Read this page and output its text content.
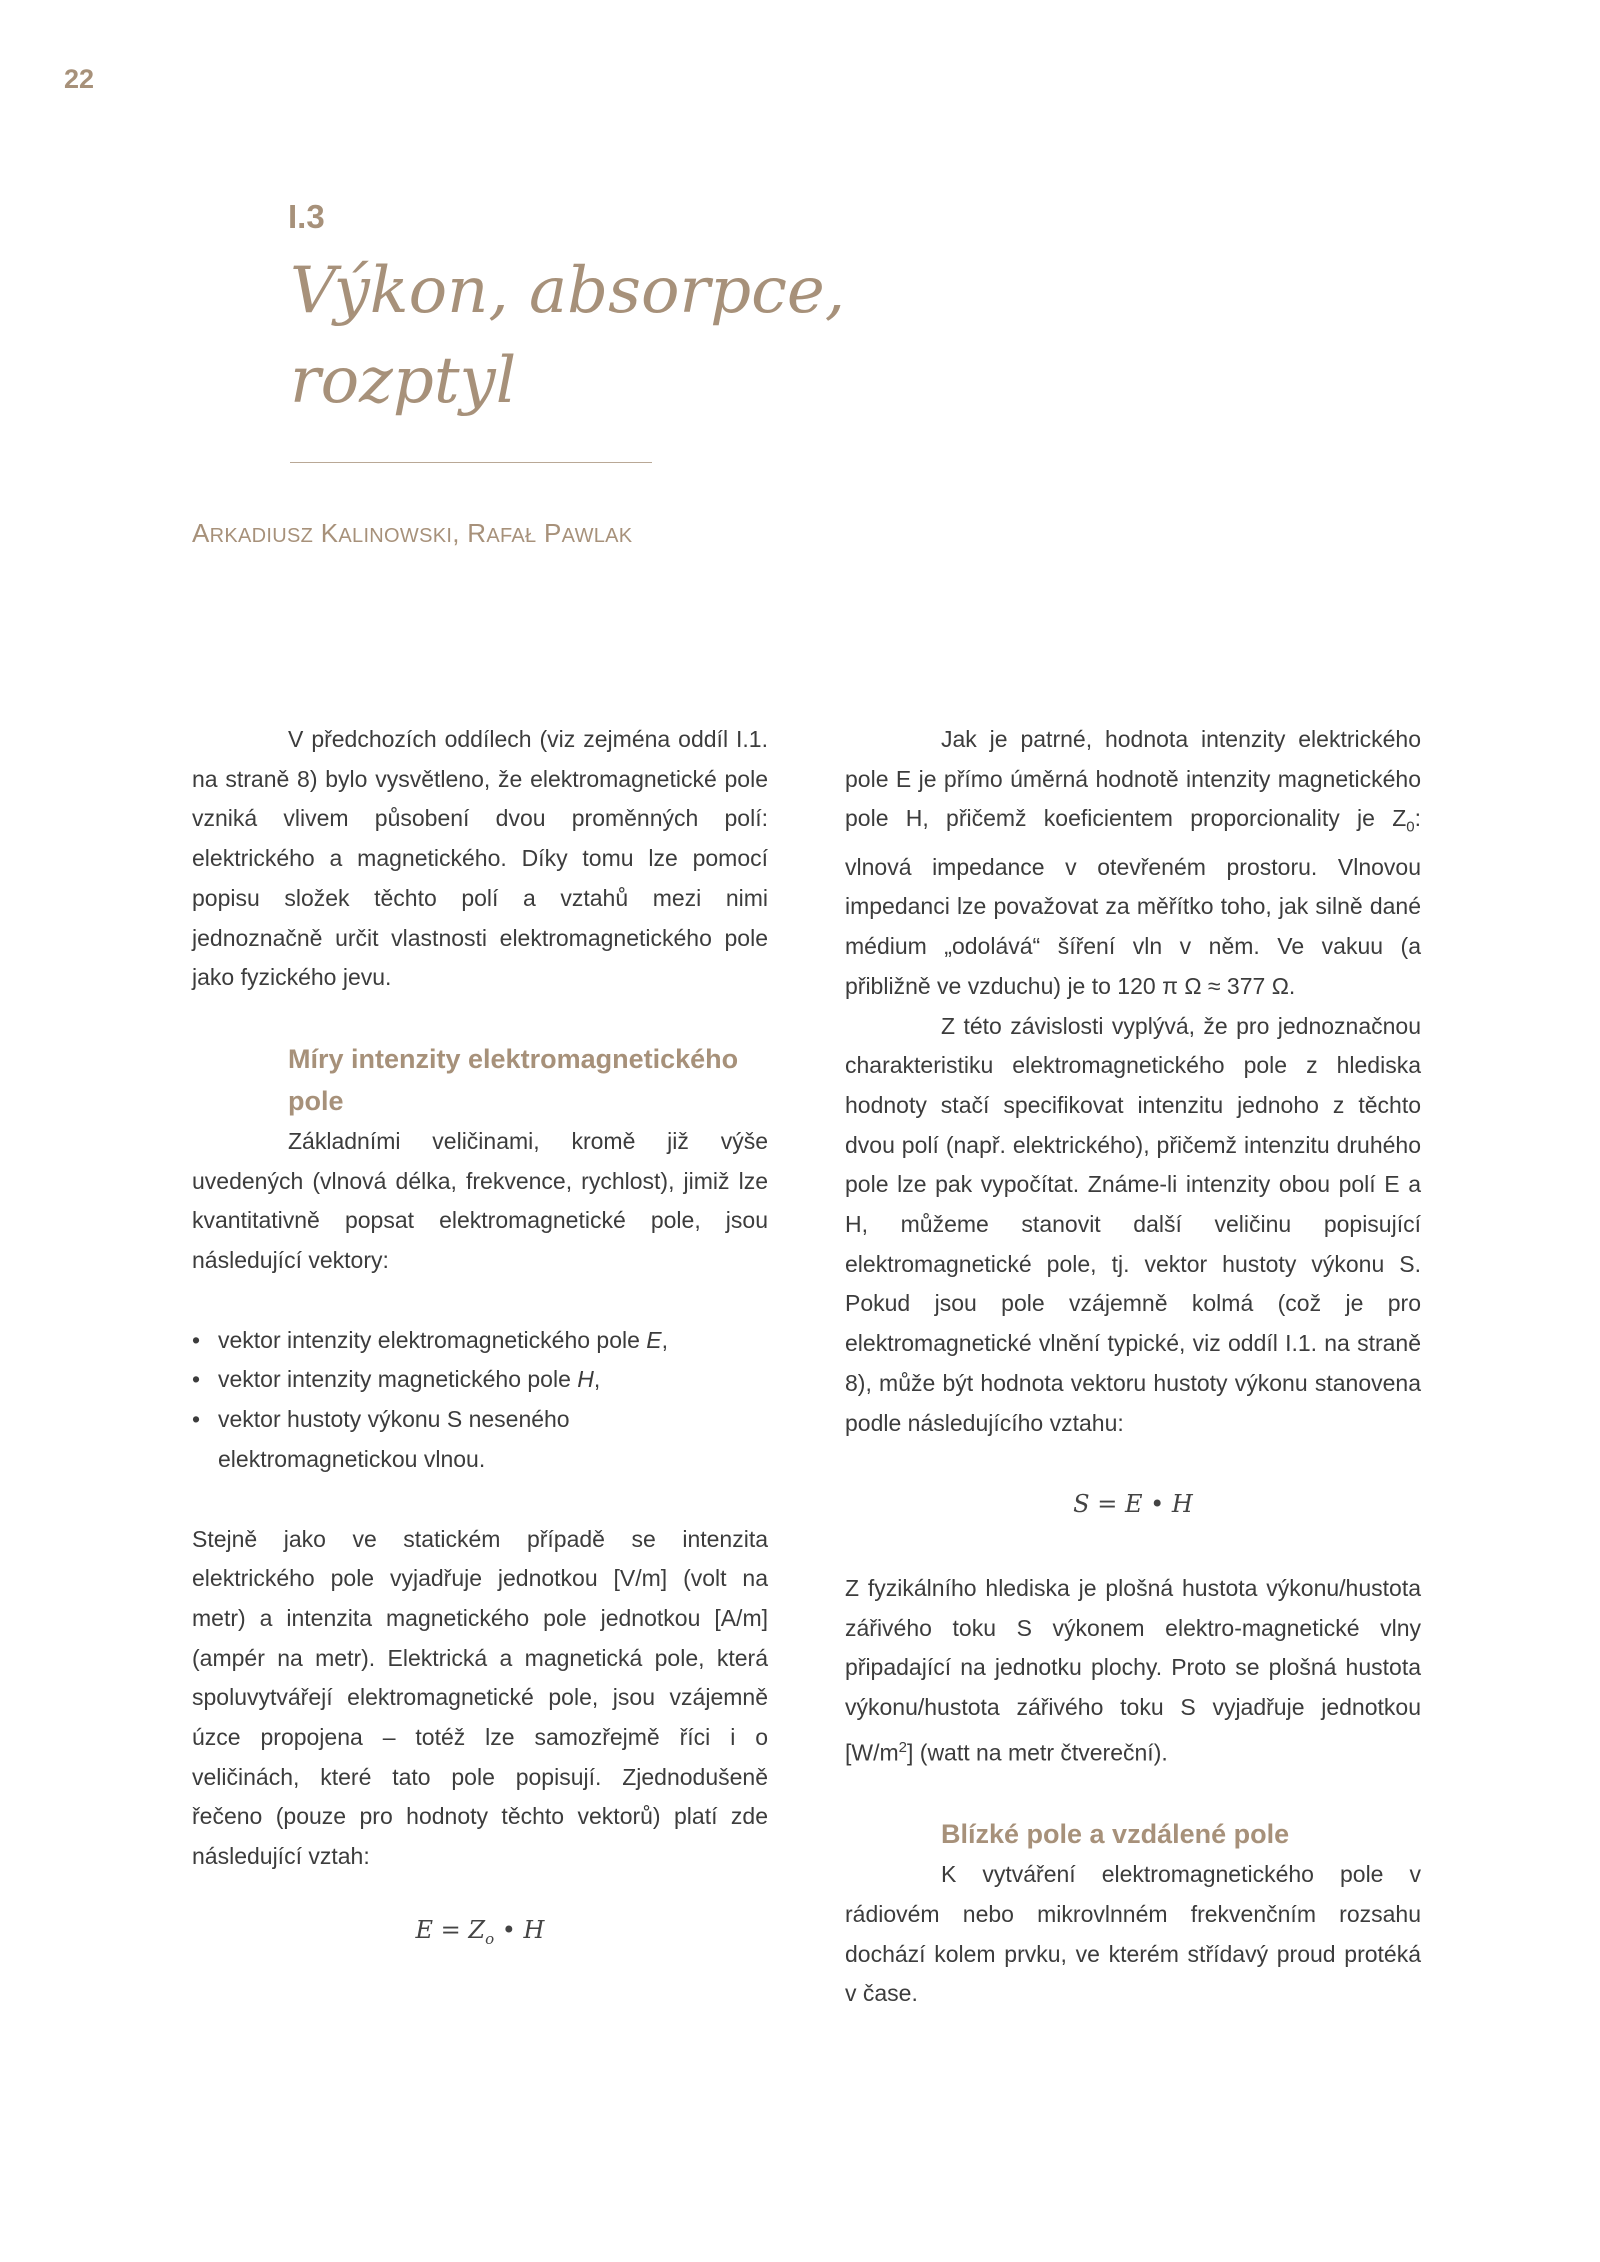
22
I.3
Výkon, absorpce,
rozptyl
ARKADIUSZ KALINOWSKI, RAFAŁ PAWLAK

V předchozích oddílech (viz zejména oddíl I.1. na straně 8) bylo vysvětleno, že elektromagnetické pole vzniká vlivem působení dvou proměnných polí: elektrického a magnetického. Díky tomu lze pomocí popisu složek těchto polí a vztahů mezi nimi jednoznačně určit vlastnosti elektromagnetického pole jako fyzického jevu.

Míry intenzity elektromagnetického pole

Základními veličinami, kromě již výše uvedených (vlnová délka, frekvence, rychlost), jimiž lze kvantitativně popsat elektromagnetické pole, jsou následující vektory:

• vektor intenzity elektromagnetického pole E,
• vektor intenzity magnetického pole H,
• vektor hustoty výkonu S neseného elektromagnetickou vlnou.

Stejně jako ve statickém případě se intenzita elektrického pole vyjadřuje jednotkou [V/m] (volt na metr) a intenzita magnetického pole jednotkou [A/m] (ampér na metr). Elektrická a magnetická pole, která spoluvytvářejí elektromagnetické pole, jsou vzájemně úzce propojena – totéž lze samozřejmě říci i o veličinách, které tato pole popisují. Zjednodušeně řečeno (pouze pro hodnoty těchto vektorů) platí zde následující vztah:

$E = Z_o$ • H

Jak je patrné, hodnota intenzity elektrického pole E je přímo úměrná hodnotě intenzity magnetického pole H, přičemž koeficientem proporcionality je $Z_0$: vlnová impedance v otevřeném prostoru. Vlnovou impedanci lze považovat za měřítko toho, jak silně dané médium „odolává“ šíření vln v něm. Ve vakuu (a přibližně ve vzduchu) je to 120 π Ω ≈ 377 Ω.

Z této závislosti vyplývá, že pro jednoznačnou charakteristiku elektromagnetického pole z hlediska hodnoty stačí specifikovat intenzitu jednoho z těchto dvou polí (např. elektrického), přičemž intenzitu druhého pole lze pak vypočítat. Známe-li intenzity obou polí E a H, můžeme stanovit další veličinu popisující elektromagnetické pole, tj. vektor hustoty výkonu S. Pokud jsou pole vzájemně kolmá (což je pro elektromagnetické vlnění typické, viz oddíl I.1. na straně 8), může být hodnota vektoru hustoty výkonu stanovena podle následujícího vztahu:

S = E • H

Z fyzikálního hlediska je plošná hustota výkonu/hustota zářivého toku S výkonem elektro-magnetické vlny připadající na jednotku plochy. Proto se plošná hustota výkonu/hustota zářivého toku S vyjadřuje jednotkou $[W/m^2]$ (watt na metr čtvereční).

Blízké pole a vzdálené pole

K vytváření elektromagnetického pole v rádiovém nebo mikrovlnném frekvenčním rozsahu dochází kolem prvku, ve kterém střídavý proud protéká v čase.
